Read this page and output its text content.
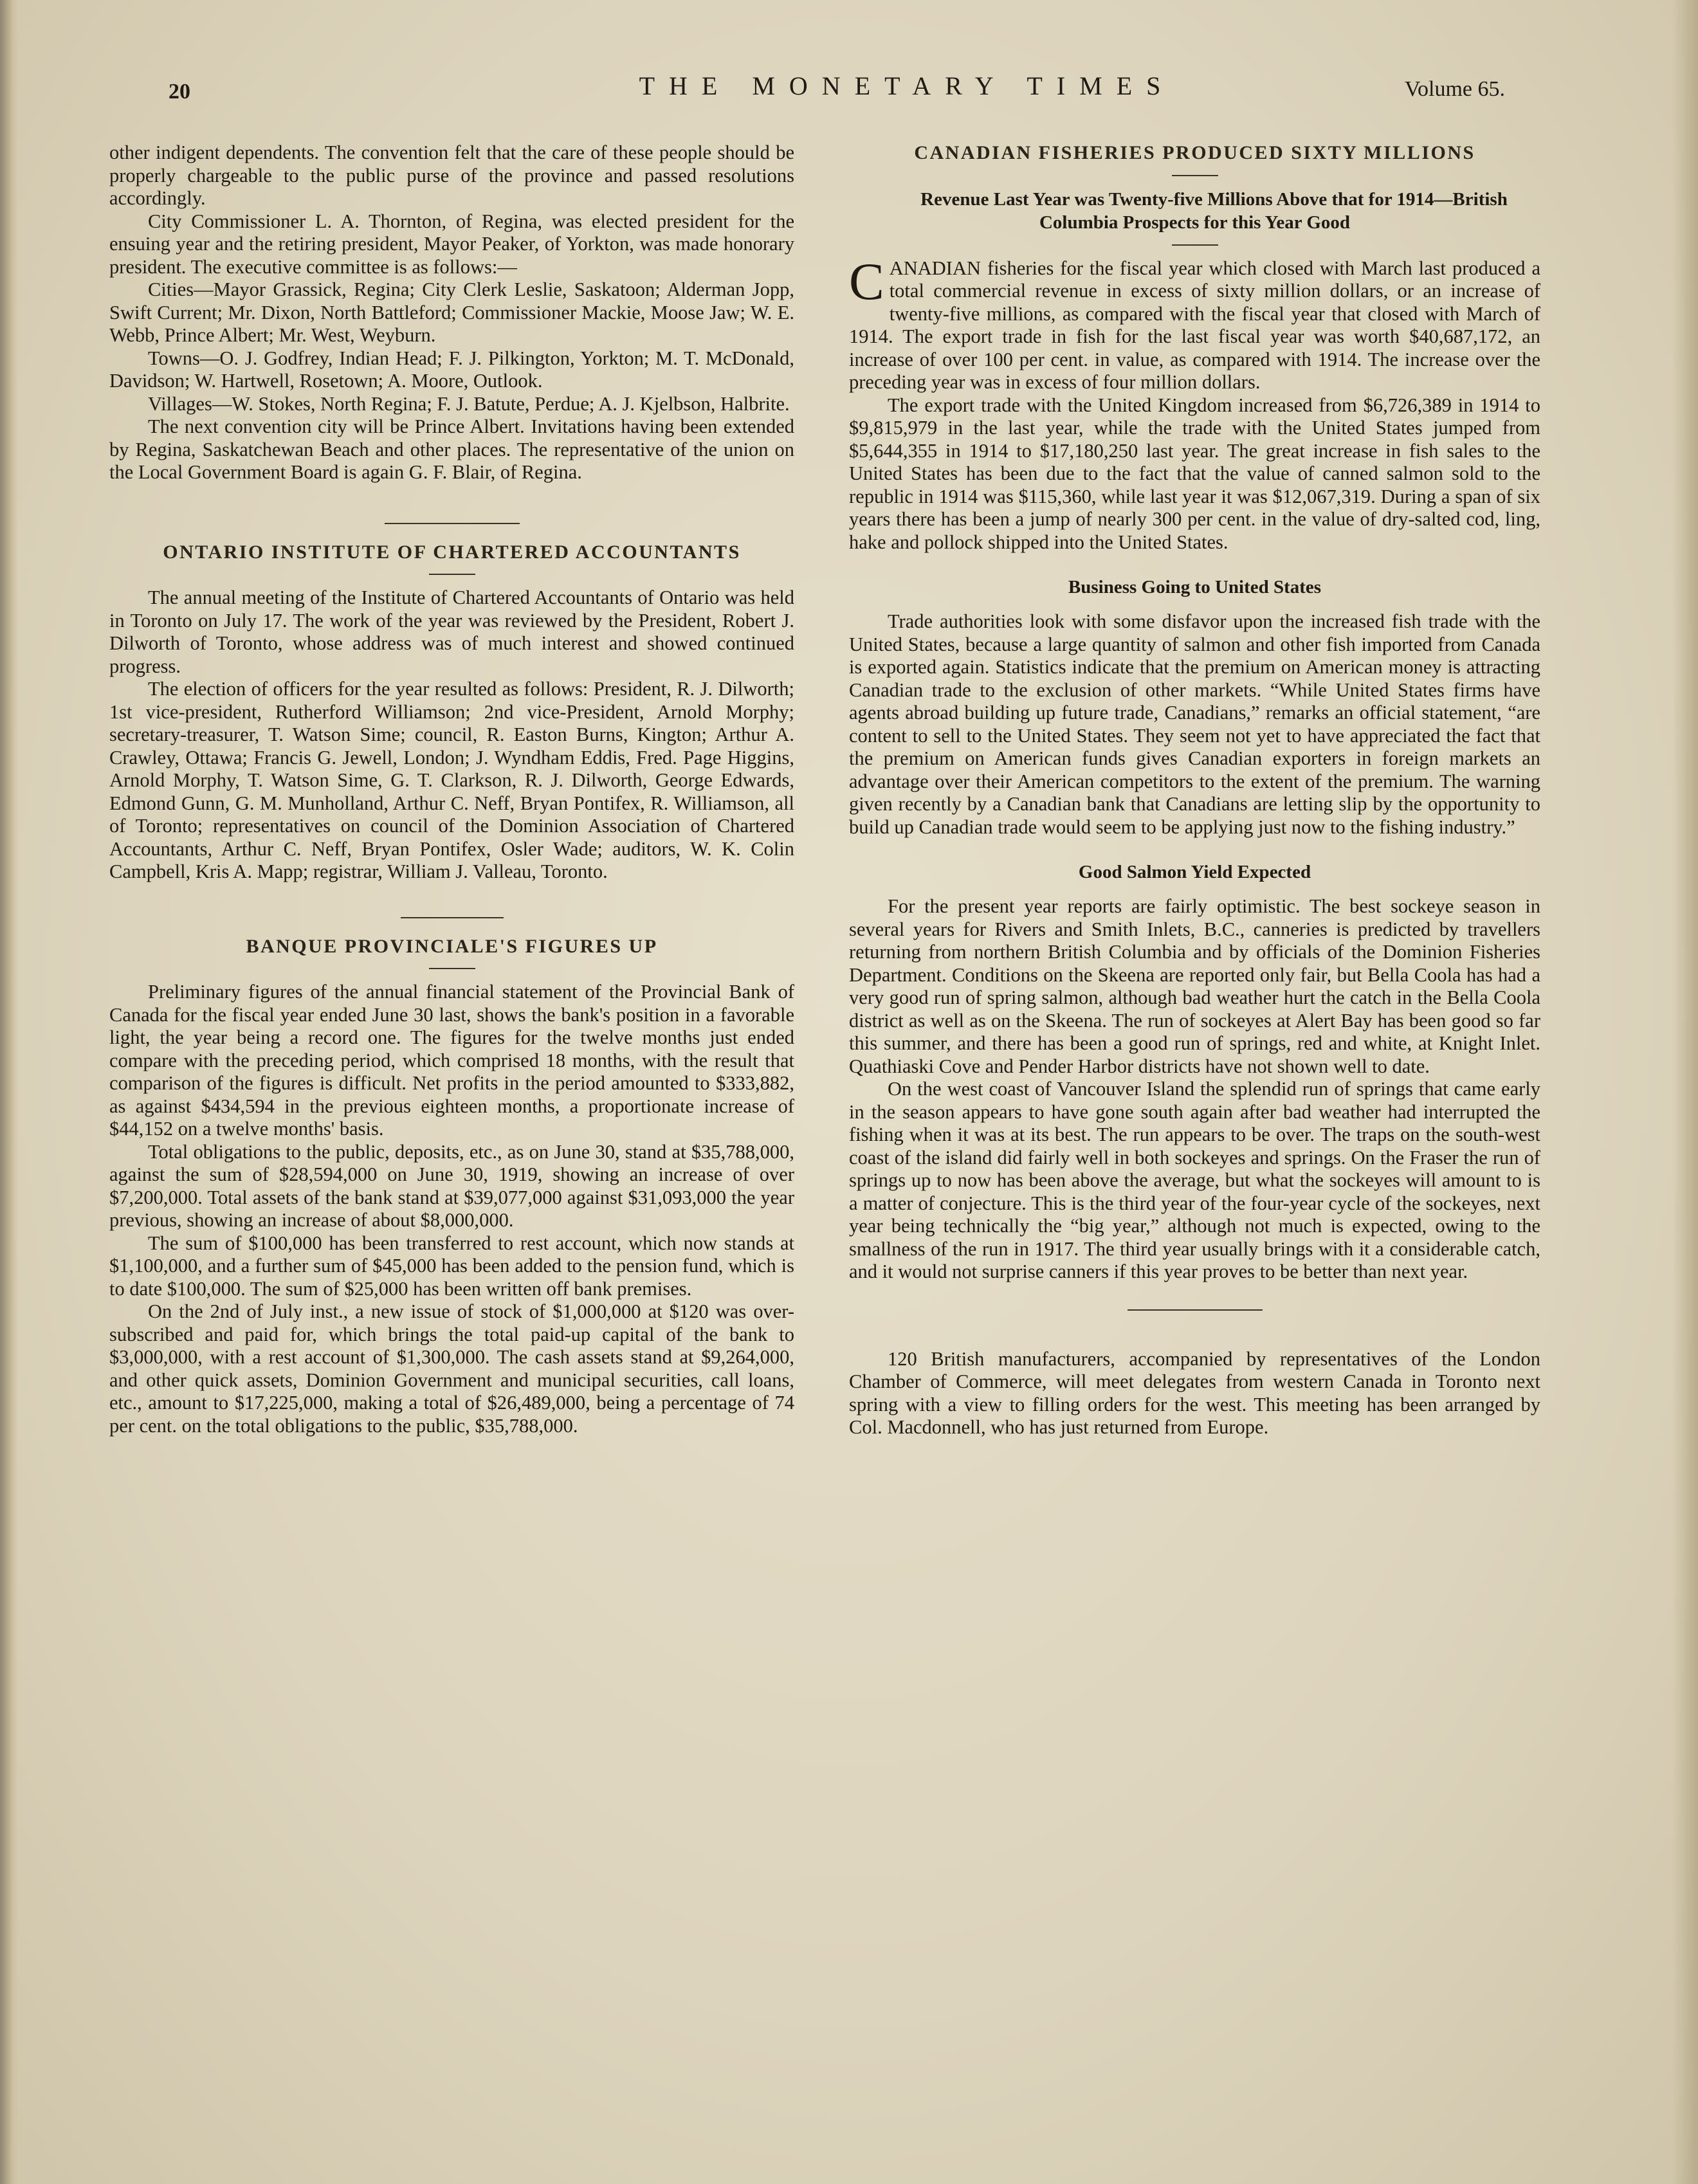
20	THE MONETARY TIMES	Volume 65.

other indigent dependents. The convention felt that the care of these people should be properly chargeable to the public purse of the province and passed resolutions accordingly.

City Commissioner L. A. Thornton, of Regina, was elected president for the ensuing year and the retiring president, Mayor Peaker, of Yorkton, was made honorary president. The executive committee is as follows:—

Cities—Mayor Grassick, Regina; City Clerk Leslie, Saskatoon; Alderman Jopp, Swift Current; Mr. Dixon, North Battleford; Commissioner Mackie, Moose Jaw; W. E. Webb, Prince Albert; Mr. West, Weyburn.

Towns—O. J. Godfrey, Indian Head; F. J. Pilkington, Yorkton; M. T. McDonald, Davidson; W. Hartwell, Rosetown; A. Moore, Outlook.

Villages—W. Stokes, North Regina; F. J. Batute, Perdue; A. J. Kjelbson, Halbrite.

The next convention city will be Prince Albert. Invitations having been extended by Regina, Saskatchewan Beach and other places. The representative of the union on the Local Government Board is again G. F. Blair, of Regina.

ONTARIO INSTITUTE OF CHARTERED ACCOUNTANTS

The annual meeting of the Institute of Chartered Accountants of Ontario was held in Toronto on July 17. The work of the year was reviewed by the President, Robert J. Dilworth of Toronto, whose address was of much interest and showed continued progress.

The election of officers for the year resulted as follows: President, R. J. Dilworth; 1st vice-president, Rutherford Williamson; 2nd vice-President, Arnold Morphy; secretary-treasurer, T. Watson Sime; council, R. Easton Burns, Kington; Arthur A. Crawley, Ottawa; Francis G. Jewell, London; J. Wyndham Eddis, Fred. Page Higgins, Arnold Morphy, T. Watson Sime, G. T. Clarkson, R. J. Dilworth, George Edwards, Edmond Gunn, G. M. Munholland, Arthur C. Neff, Bryan Pontifex, R. Williamson, all of Toronto; representatives on council of the Dominion Association of Chartered Accountants, Arthur C. Neff, Bryan Pontifex, Osler Wade; auditors, W. K. Colin Campbell, Kris A. Mapp; registrar, William J. Valleau, Toronto.

BANQUE PROVINCIALE'S FIGURES UP

Preliminary figures of the annual financial statement of the Provincial Bank of Canada for the fiscal year ended June 30 last, shows the bank's position in a favorable light, the year being a record one. The figures for the twelve months just ended compare with the preceding period, which comprised 18 months, with the result that comparison of the figures is difficult. Net profits in the period amounted to $333,882, as against $434,594 in the previous eighteen months, a proportionate increase of $44,152 on a twelve months' basis.

Total obligations to the public, deposits, etc., as on June 30, stand at $35,788,000, against the sum of $28,594,000 on June 30, 1919, showing an increase of over $7,200,000. Total assets of the bank stand at $39,077,000 against $31,093,000 the year previous, showing an increase of about $8,000,000.

The sum of $100,000 has been transferred to rest account, which now stands at $1,100,000, and a further sum of $45,000 has been added to the pension fund, which is to date $100,000. The sum of $25,000 has been written off bank premises.

On the 2nd of July inst., a new issue of stock of $1,000,000 at $120 was over-subscribed and paid for, which brings the total paid-up capital of the bank to $3,000,000, with a rest account of $1,300,000. The cash assets stand at $9,264,000, and other quick assets, Dominion Government and municipal securities, call loans, etc., amount to $17,225,000, making a total of $26,489,000, being a percentage of 74 per cent. on the total obligations to the public, $35,788,000.

CANADIAN FISHERIES PRODUCED SIXTY MILLIONS

Revenue Last Year was Twenty-five Millions Above that for 1914—British Columbia Prospects for this Year Good

CANADIAN fisheries for the fiscal year which closed with March last produced a total commercial revenue in excess of sixty million dollars, or an increase of twenty-five millions, as compared with the fiscal year that closed with March of 1914. The export trade in fish for the last fiscal year was worth $40,687,172, an increase of over 100 per cent. in value, as compared with 1914. The increase over the preceding year was in excess of four million dollars.

The export trade with the United Kingdom increased from $6,726,389 in 1914 to $9,815,979 in the last year, while the trade with the United States jumped from $5,644,355 in 1914 to $17,180,250 last year. The great increase in fish sales to the United States has been due to the fact that the value of canned salmon sold to the republic in 1914 was $115,360, while last year it was $12,067,319. During a span of six years there has been a jump of nearly 300 per cent. in the value of dry-salted cod, ling, hake and pollock shipped into the United States.

Business Going to United States

Trade authorities look with some disfavor upon the increased fish trade with the United States, because a large quantity of salmon and other fish imported from Canada is exported again. Statistics indicate that the premium on American money is attracting Canadian trade to the exclusion of other markets. “While United States firms have agents abroad building up future trade, Canadians,” remarks an official statement, “are content to sell to the United States. They seem not yet to have appreciated the fact that the premium on American funds gives Canadian exporters in foreign markets an advantage over their American competitors to the extent of the premium. The warning given recently by a Canadian bank that Canadians are letting slip by the opportunity to build up Canadian trade would seem to be applying just now to the fishing industry.”

Good Salmon Yield Expected

For the present year reports are fairly optimistic. The best sockeye season in several years for Rivers and Smith Inlets, B.C., canneries is predicted by travellers returning from northern British Columbia and by officials of the Dominion Fisheries Department. Conditions on the Skeena are reported only fair, but Bella Coola has had a very good run of spring salmon, although bad weather hurt the catch in the Bella Coola district as well as on the Skeena. The run of sockeyes at Alert Bay has been good so far this summer, and there has been a good run of springs, red and white, at Knight Inlet. Quathiaski Cove and Pender Harbor districts have not shown well to date.

On the west coast of Vancouver Island the splendid run of springs that came early in the season appears to have gone south again after bad weather had interrupted the fishing when it was at its best. The run appears to be over. The traps on the south-west coast of the island did fairly well in both sockeyes and springs. On the Fraser the run of springs up to now has been above the average, but what the sockeyes will amount to is a matter of conjecture. This is the third year of the four-year cycle of the sockeyes, next year being technically the “big year,” although not much is expected, owing to the smallness of the run in 1917. The third year usually brings with it a considerable catch, and it would not surprise canners if this year proves to be better than next year.

120 British manufacturers, accompanied by representatives of the London Chamber of Commerce, will meet delegates from western Canada in Toronto next spring with a view to filling orders for the west. This meeting has been arranged by Col. Macdonnell, who has just returned from Europe.
